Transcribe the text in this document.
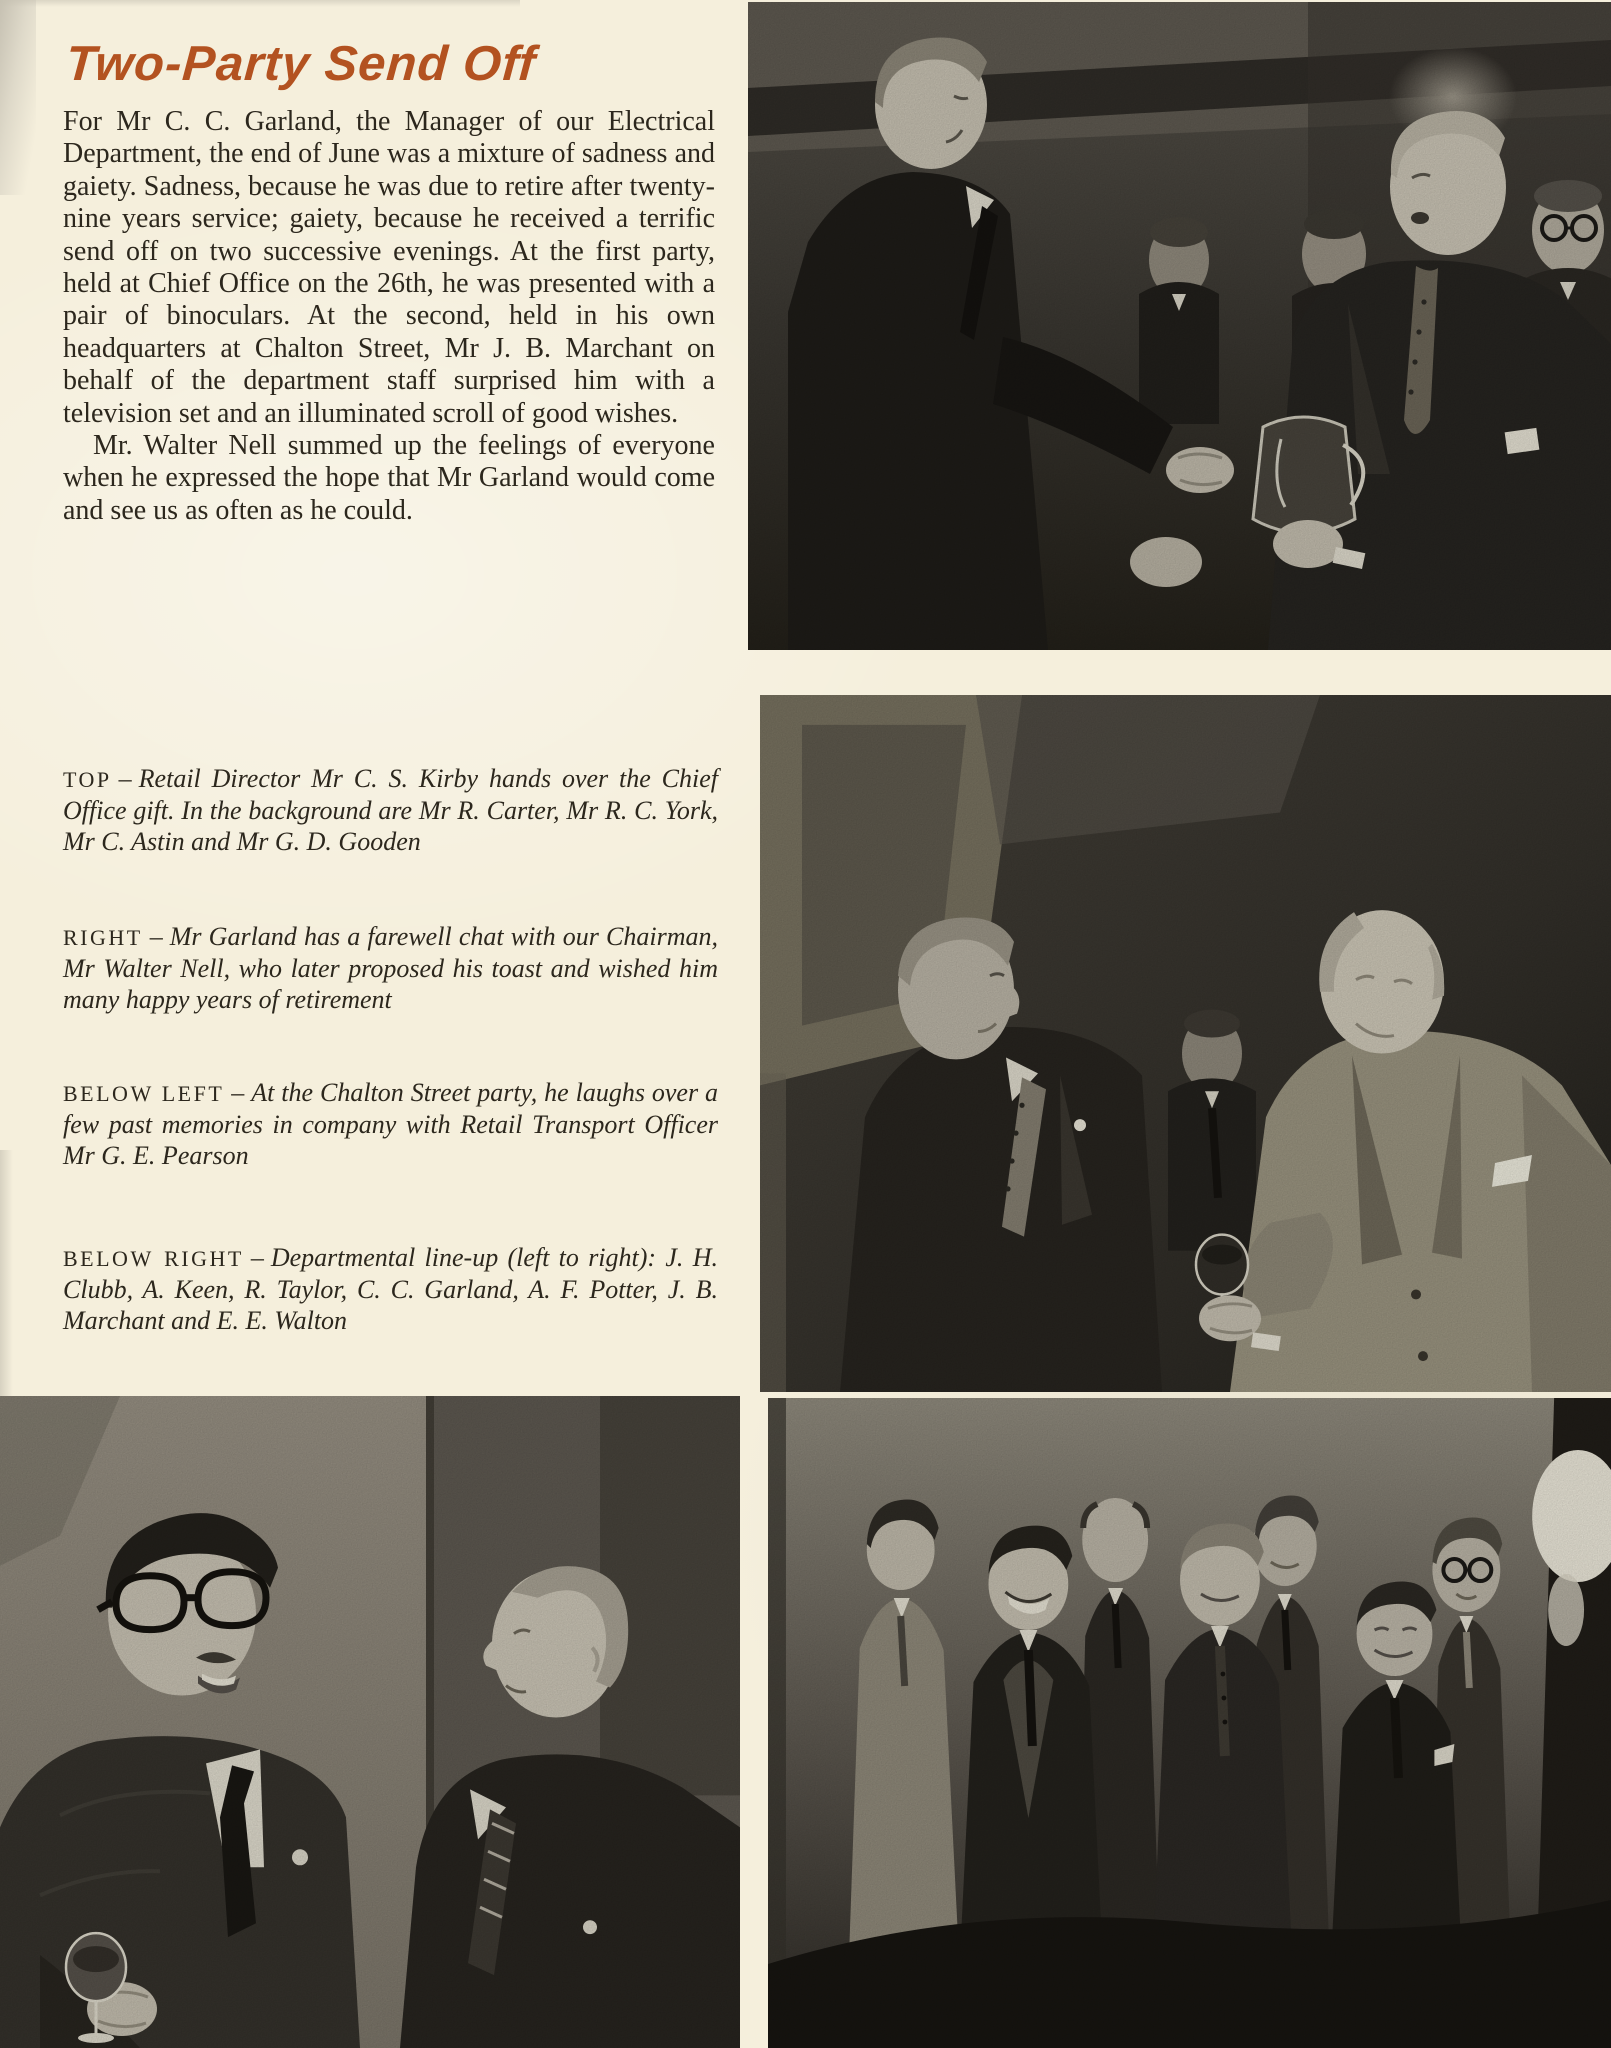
Two-Party Send Off

For Mr C. C. Garland, the Manager of our Electrical Department, the end of June was a mixture of sadness and gaiety. Sadness, because he was due to retire after twenty-nine years service; gaiety, because he received a terrific send off on two successive evenings. At the first party, held at Chief Office on the 26th, he was presented with a pair of binoculars. At the second, held in his own headquarters at Chalton Street, Mr J. B. Marchant on behalf of the department staff surprised him with a television set and an illuminated scroll of good wishes.

Mr. Walter Nell summed up the feelings of everyone when he expressed the hope that Mr Garland would come and see us as often as he could.

TOP – Retail Director Mr C. S. Kirby hands over the Chief Office gift. In the background are Mr R. Carter, Mr R. C. York, Mr C. Astin and Mr G. D. Gooden
RIGHT – Mr Garland has a farewell chat with our Chairman, Mr Walter Nell, who later proposed his toast and wished him many happy years of retirement
BELOW LEFT – At the Chalton Street party, he laughs over a few past memories in company with Retail Transport Officer Mr G. E. Pearson
BELOW RIGHT – Departmental line-up (left to right): J. H. Clubb, A. Keen, R. Taylor, C. C. Garland, A. F. Potter, J. B. Marchant and E. E. Walton
